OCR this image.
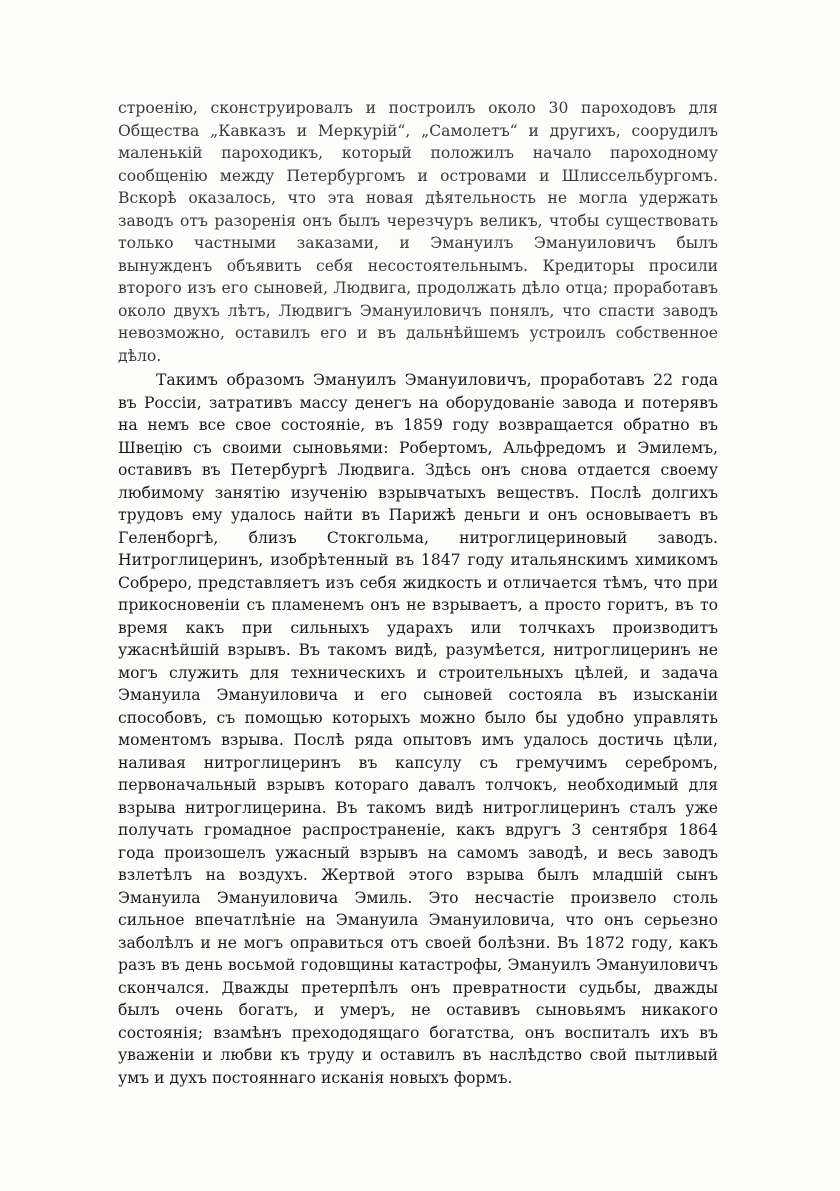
строенію, сконструировалъ и построилъ около 30 пароходовъ для Общества „Кавказъ и Меркурій“, „Самолетъ“ и другихъ, соорудилъ маленькій пароходикъ, который положилъ начало пароходному сообщенію между Петербургомъ и островами и Шлиссельбургомъ. Вскорѣ оказалось, что эта новая дѣятельность не могла удержать заводъ отъ разоренія онъ былъ черезчуръ великъ, чтобы существовать только частными заказами, и Эмануилъ Эмануиловичъ былъ вынужденъ объявить себя несостоятельнымъ. Кредиторы просили второго изъ его сыновей, Людвига, продолжать дѣло отца; проработавъ около двухъ лѣтъ, Людвигъ Эмануиловичъ понялъ, что спасти заводъ невозможно, оставилъ его и въ дальнѣйшемъ устроилъ собственное дѣло.

Такимъ образомъ Эмануилъ Эмануиловичъ, проработавъ 22 года въ Россіи, затративъ массу денегъ на оборудованіе завода и потерявъ на немъ все свое состояніе, въ 1859 году возвращается обратно въ Швецію съ своими сыновьями: Робертомъ, Альфредомъ и Эмилемъ, оставивъ въ Петербургѣ Людвига. Здѣсь онъ снова отдается своему любимому занятію изученію взрывчатыхъ веществъ. Послѣ долгихъ трудовъ ему удалось найти въ Парижѣ деньги и онъ основываетъ въ Геленборгѣ, близъ Стокгольма, нитроглицериновый заводъ. Нитроглицеринъ, изобрѣтенный въ 1847 году итальянскимъ химикомъ Собреро, представляетъ изъ себя жидкость и отличается тѣмъ, что при прикосновеніи съ пламенемъ онъ не взрываетъ, а просто горитъ, въ то время какъ при сильныхъ ударахъ или толчкахъ производитъ ужаснѣйшій взрывъ. Въ такомъ видѣ, разумѣется, нитроглицеринъ не могъ служить для техническихъ и строительныхъ цѣлей, и задача Эмануила Эмануиловича и его сыновей состояла въ изысканіи способовъ, съ помощью которыхъ можно было бы удобно управлять моментомъ взрыва. Послѣ ряда опытовъ имъ удалось достичь цѣли, наливая нитроглицеринъ въ капсулу съ гремучимъ серебромъ, первоначальный взрывъ котораго давалъ толчокъ, необходимый для взрыва нитроглицерина. Въ такомъ видѣ нитроглицеринъ сталъ уже получать громадное распространеніе, какъ вдругъ 3 сентября 1864 года произошелъ ужасный взрывъ на самомъ заводѣ, и весь заводъ взлетѣлъ на воздухъ. Жертвой этого взрыва былъ младшій сынъ Эмануила Эмануиловича Эмиль. Это несчастіе произвело столь сильное впечатлѣніе на Эмануила Эмануиловича, что онъ серьезно заболѣлъ и не могъ оправиться отъ своей болѣзни. Въ 1872 году, какъ разъ въ день восьмой годовщины катастрофы, Эмануилъ Эмануиловичъ скончался. Дважды претерпѣлъ онъ превратности судьбы, дважды былъ очень богатъ, и умеръ, не оставивъ сыновьямъ никакого состоянія; взамѣнъ прехододящаго богатства, онъ воспиталъ ихъ въ уваженіи и любви къ труду и оставилъ въ наслѣдство свой пытливый умъ и духъ постояннаго исканія новыхъ формъ.
